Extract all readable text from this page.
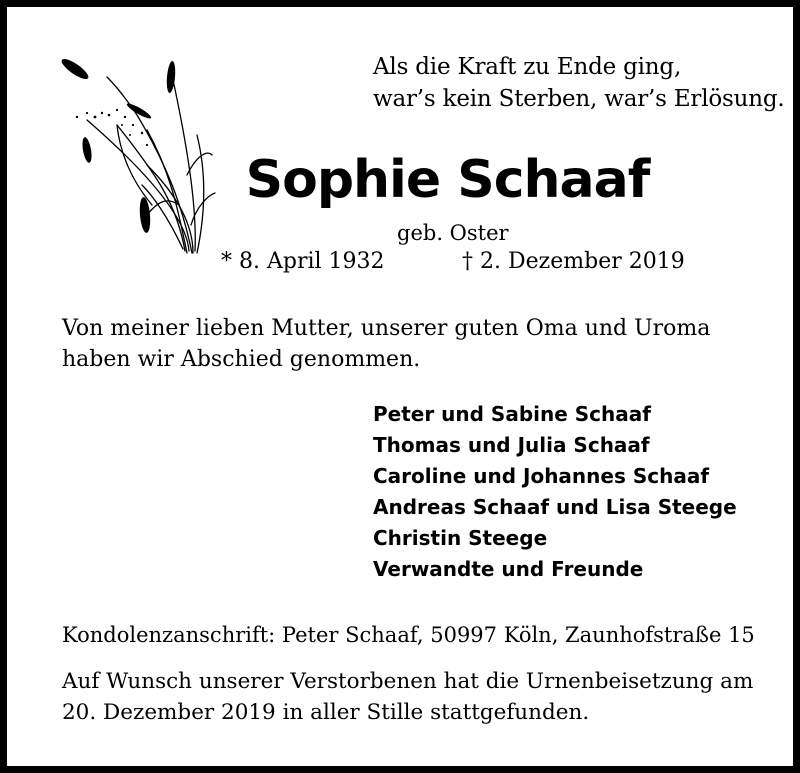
Als die Kraft zu Ende ging,
war’s kein Sterben, war’s Erlösung.
Sophie Schaaf
geb. Oster
* 8. April 1932	† 2. Dezember 2019
Von meiner lieben Mutter, unserer guten Oma und Uroma
haben wir Abschied genommen.
Peter und Sabine Schaaf
Thomas und Julia Schaaf
Caroline und Johannes Schaaf
Andreas Schaaf und Lisa Steege
Christin Steege
Verwandte und Freunde
Kondolenzanschrift: Peter Schaaf, 50997 Köln, Zaunhofstraße 15
Auf Wunsch unserer Verstorbenen hat die Urnenbeisetzung am
20. Dezember 2019 in aller Stille stattgefunden.
